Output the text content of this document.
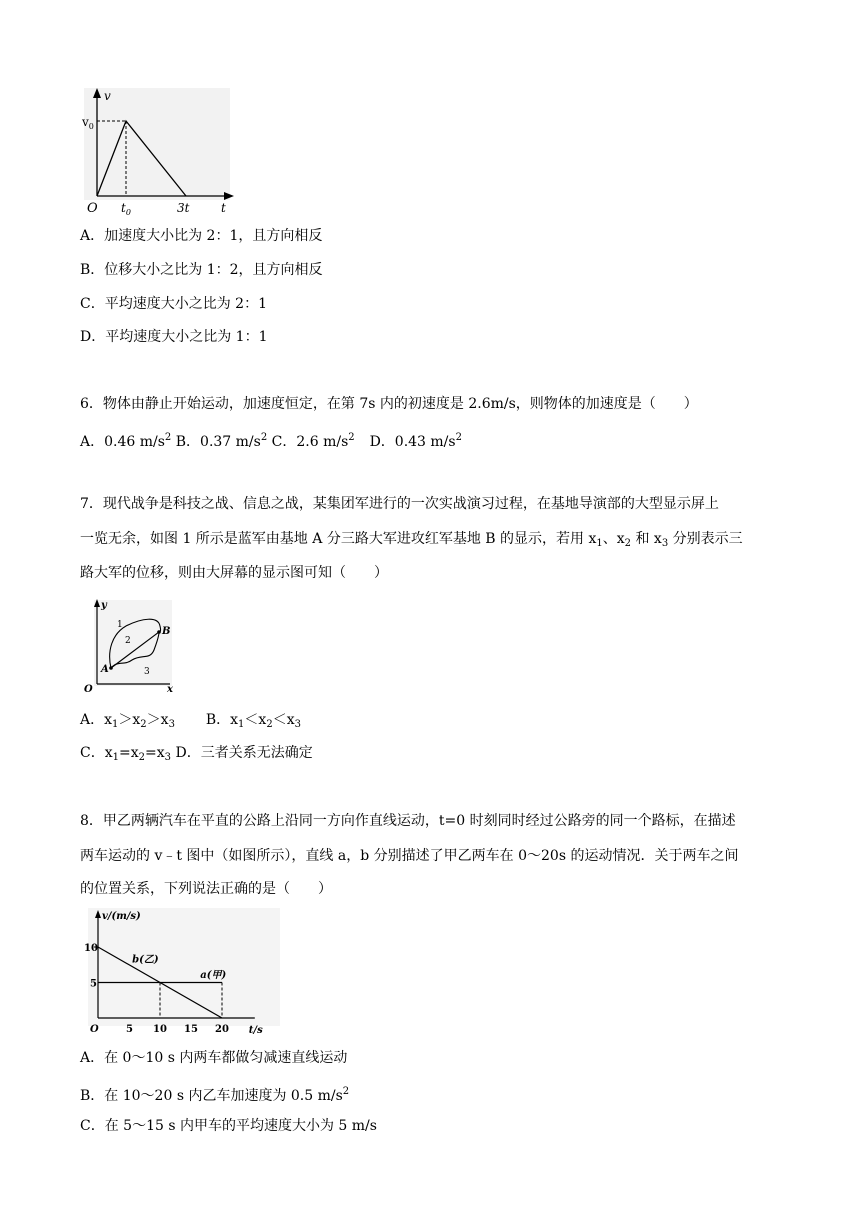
v
$v_0$
O $t_0$	3t	t
A．加速度大小比为 2：1，且方向相反
B．位移大小之比为 1：2，且方向相反
C．平均速度大小之比为 2：1
D．平均速度大小之比为 1：1
6．物体由静止开始运动，加速度恒定，在第 7s 内的初速度是 2.6m/s，则物体的加速度是（　　）
A．0.46 $m/s^2$ B．0.37 $m/s^2$ C．2.6 $m/s^2$ D．0.43 $m/s^2$
7．现代战争是科技之战、信息之战，某集团军进行的一次实战演习过程，在基地导演部的大型显示屏上
一览无余，如图 1 所示是蓝军由基地 A 分三路大军进攻红军基地 B 的显示，若用 $x_1$、$x_2$ 和 $x_3$ 分别表示三
路大军的位移，则由大屏幕的显示图可知（　　）
y
x
O
A
B
1
2
3
A．$x_1>x_2>x_3$ B．$x_1<x_2<x_3$
C．$x_1=x_2=x_3$ D．三者关系无法确定
8．甲乙两辆汽车在平直的公路上沿同一方向作直线运动，t=0 时刻同时经过公路旁的同一个路标，在描述
两车运动的 v﹣t 图中（如图所示），直线 a，b 分别描述了甲乙两车在 0～20s 的运动情况．关于两车之间
的位置关系，下列说法正确的是（　　）
v/(m/s)
t/s
O	5 10 15 20
5
10
b(乙)
a(甲)
A．在 0～10 s 内两车都做匀减速直线运动
B．在 10～20 s 内乙车加速度为 0.5 $m/s^2$
C．在 5～15 s 内甲车的平均速度大小为 5 m/s
